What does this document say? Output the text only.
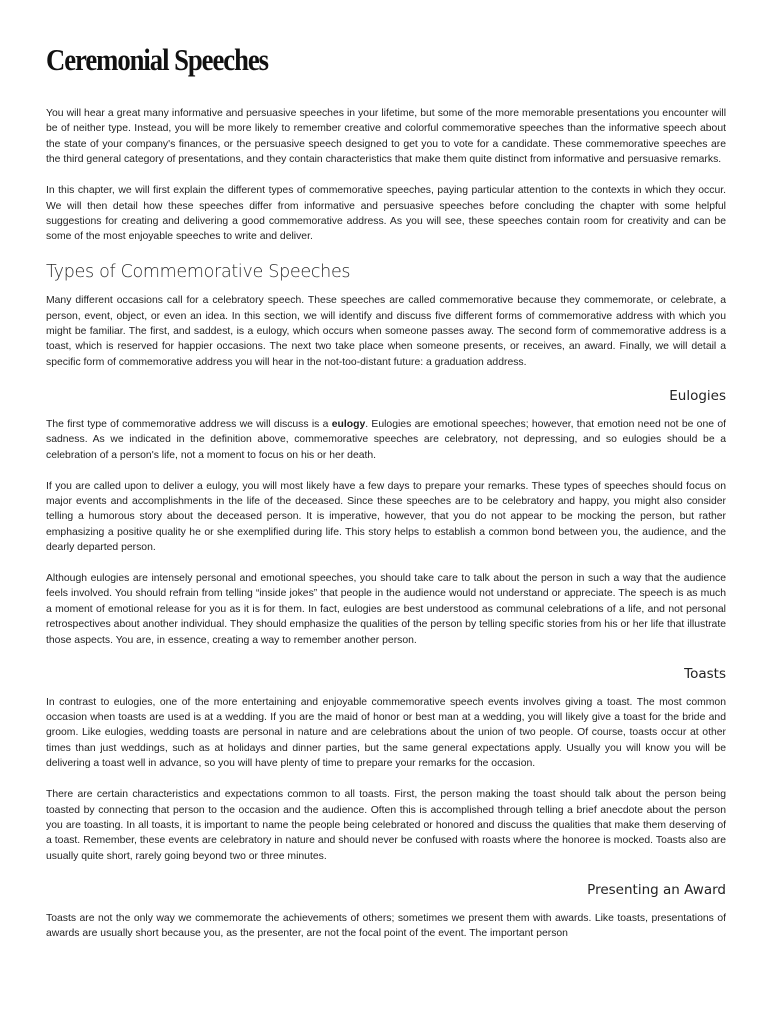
Ceremonial Speeches

You will hear a great many informative and persuasive speeches in your lifetime, but some of the more memorable presentations you encounter will be of neither type. Instead, you will be more likely to remember creative and colorful commemorative speeches than the informative speech about the state of your company's finances, or the persuasive speech designed to get you to vote for a candidate. These commemorative speeches are the third general category of presentations, and they contain characteristics that make them quite distinct from informative and persuasive remarks.

In this chapter, we will first explain the different types of commemorative speeches, paying particular attention to the contexts in which they occur. We will then detail how these speeches differ from informative and persuasive speeches before concluding the chapter with some helpful suggestions for creating and delivering a good commemorative address. As you will see, these speeches contain room for creativity and can be some of the most enjoyable speeches to write and deliver.

Types of Commemorative Speeches

Many different occasions call for a celebratory speech. These speeches are called commemorative because they commemorate, or celebrate, a person, event, object, or even an idea. In this section, we will identify and discuss five different forms of commemorative address with which you might be familiar. The first, and saddest, is a eulogy, which occurs when someone passes away. The second form of commemorative address is a toast, which is reserved for happier occasions. The next two take place when someone presents, or receives, an award. Finally, we will detail a specific form of commemorative address you will hear in the not-too-distant future: a graduation address.

Eulogies

The first type of commemorative address we will discuss is a eulogy. Eulogies are emotional speeches; however, that emotion need not be one of sadness. As we indicated in the definition above, commemorative speeches are celebratory, not depressing, and so eulogies should be a celebration of a person's life, not a moment to focus on his or her death.

If you are called upon to deliver a eulogy, you will most likely have a few days to prepare your remarks. These types of speeches should focus on major events and accomplishments in the life of the deceased. Since these speeches are to be celebratory and happy, you might also consider telling a humorous story about the deceased person. It is imperative, however, that you do not appear to be mocking the person, but rather emphasizing a positive quality he or she exemplified during life. This story helps to establish a common bond between you, the audience, and the dearly departed person.

Although eulogies are intensely personal and emotional speeches, you should take care to talk about the person in such a way that the audience feels involved. You should refrain from telling “inside jokes” that people in the audience would not understand or appreciate. The speech is as much a moment of emotional release for you as it is for them. In fact, eulogies are best understood as communal celebrations of a life, and not personal retrospectives about another individual. They should emphasize the qualities of the person by telling specific stories from his or her life that illustrate those aspects. You are, in essence, creating a way to remember another person.

Toasts

In contrast to eulogies, one of the more entertaining and enjoyable commemorative speech events involves giving a toast. The most common occasion when toasts are used is at a wedding. If you are the maid of honor or best man at a wedding, you will likely give a toast for the bride and groom. Like eulogies, wedding toasts are personal in nature and are celebrations about the union of two people. Of course, toasts occur at other times than just weddings, such as at holidays and dinner parties, but the same general expectations apply. Usually you will know you will be delivering a toast well in advance, so you will have plenty of time to prepare your remarks for the occasion.

There are certain characteristics and expectations common to all toasts. First, the person making the toast should talk about the person being toasted by connecting that person to the occasion and the audience. Often this is accomplished through telling a brief anecdote about the person you are toasting. In all toasts, it is important to name the people being celebrated or honored and discuss the qualities that make them deserving of a toast. Remember, these events are celebratory in nature and should never be confused with roasts where the honoree is mocked. Toasts also are usually quite short, rarely going beyond two or three minutes.

Presenting an Award

Toasts are not the only way we commemorate the achievements of others; sometimes we present them with awards. Like toasts, presentations of awards are usually short because you, as the presenter, are not the focal point of the event. The important person
